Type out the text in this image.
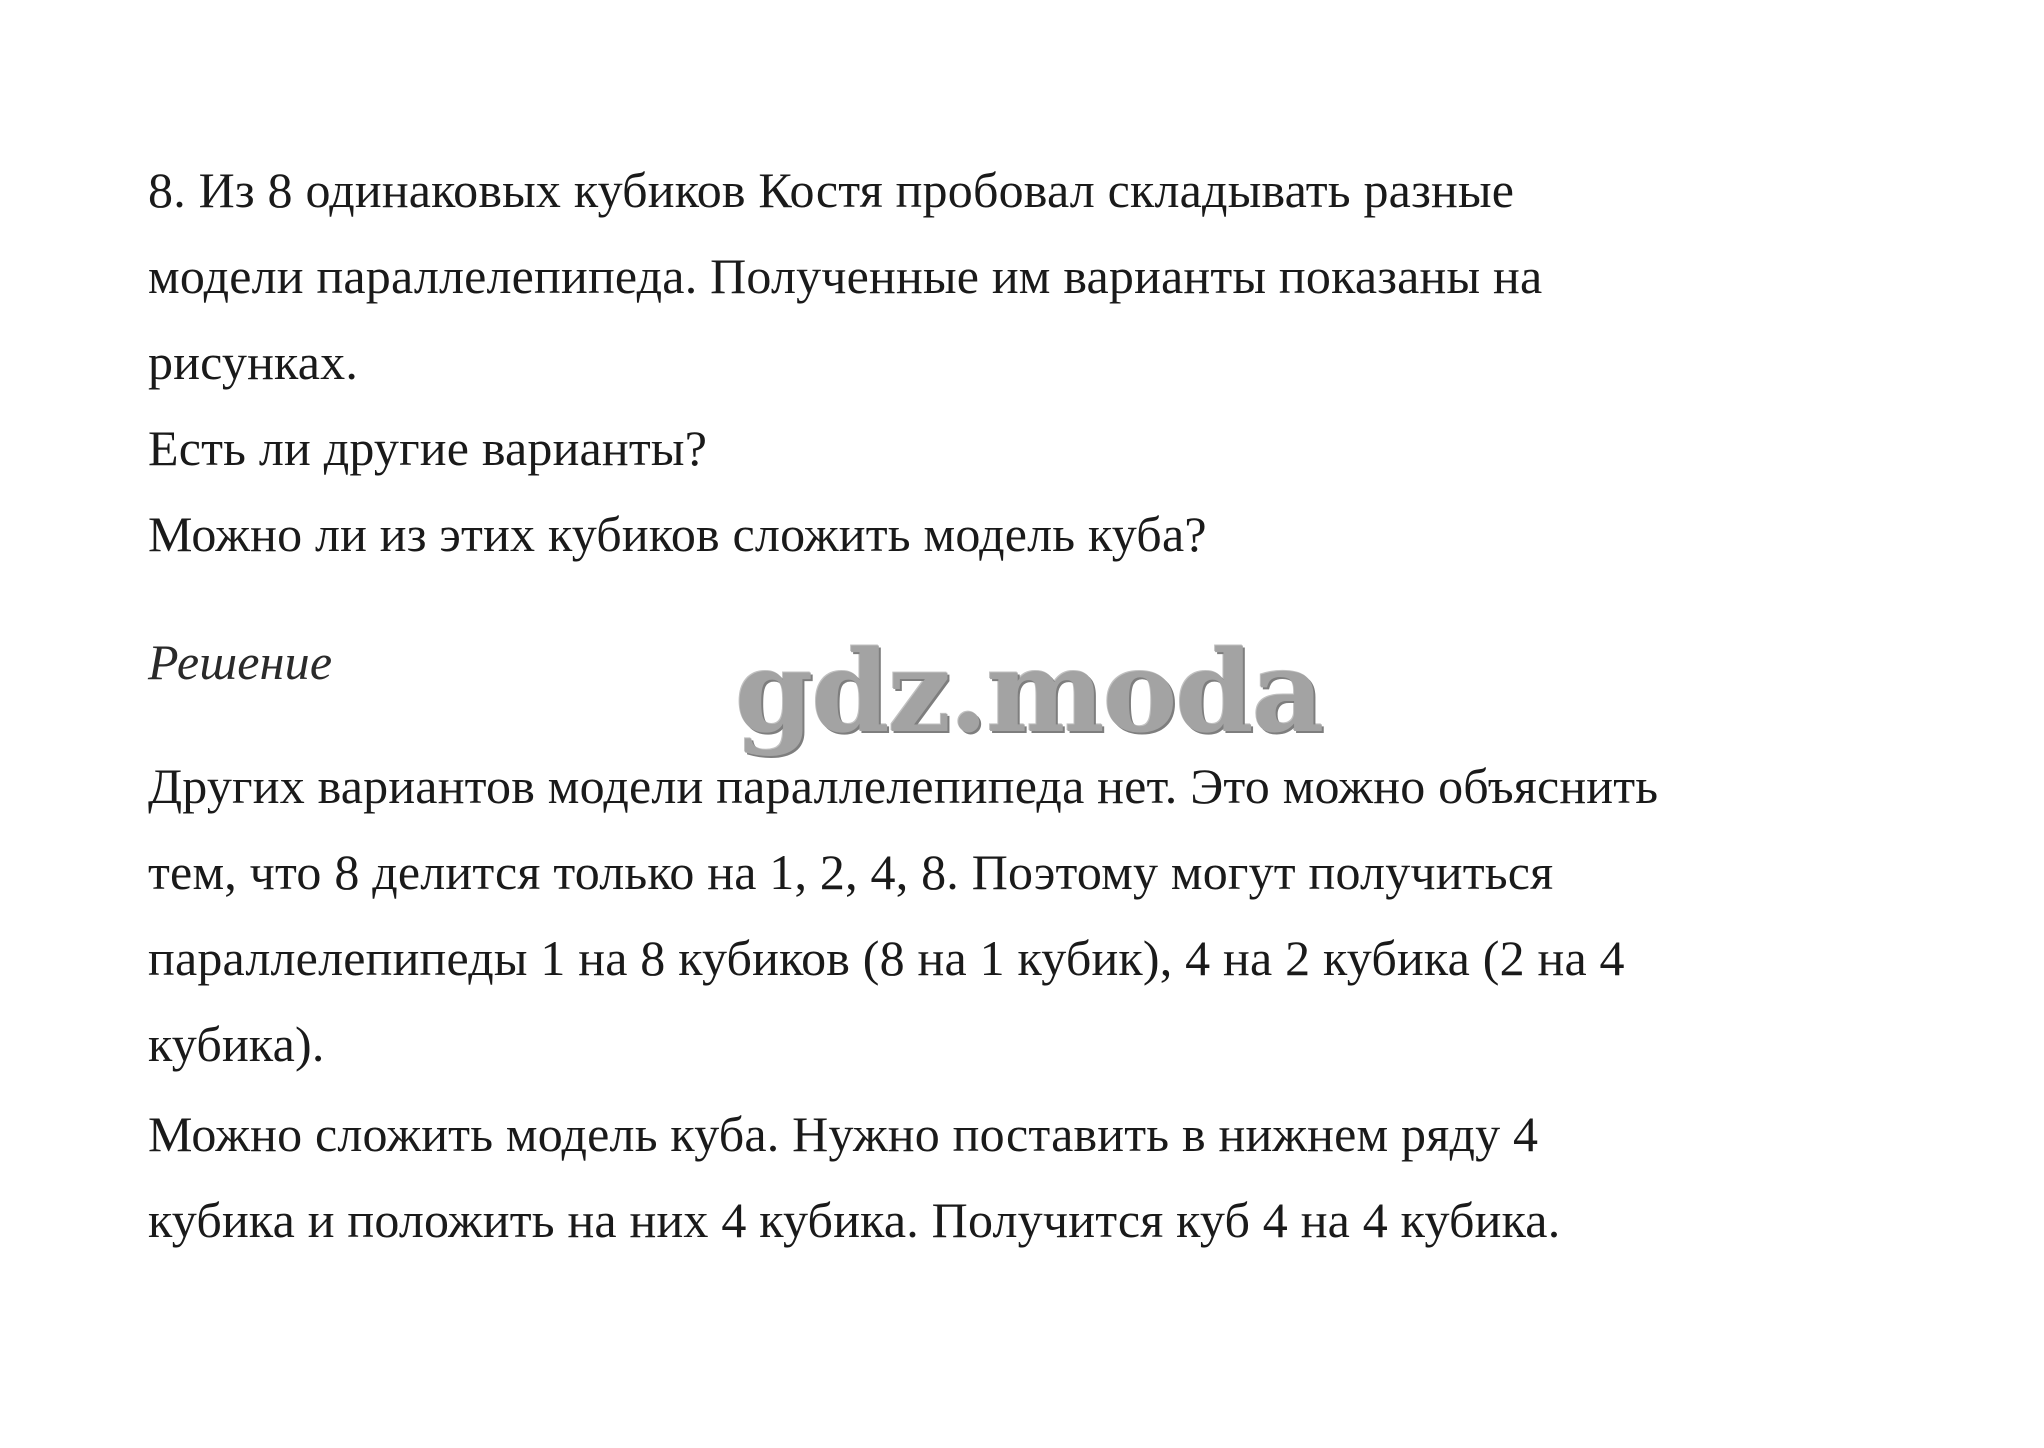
8. Из 8 одинаковых кубиков Костя пробовал складывать разные
модели параллелепипеда. Полученные им варианты показаны на
рисунках.
Есть ли другие варианты?
Можно ли из этих кубиков сложить модель куба?
Решение
Других вариантов модели параллелепипеда нет. Это можно объяснить
тем, что 8 делится только на 1, 2, 4, 8. Поэтому могут получиться
параллелепипеды 1 на 8 кубиков (8 на 1 кубик), 4 на 2 кубика (2 на 4
кубика).
Можно сложить модель куба. Нужно поставить в нижнем ряду 4
кубика и положить на них 4 кубика. Получится куб 4 на 4 кубика.
gdz.moda
